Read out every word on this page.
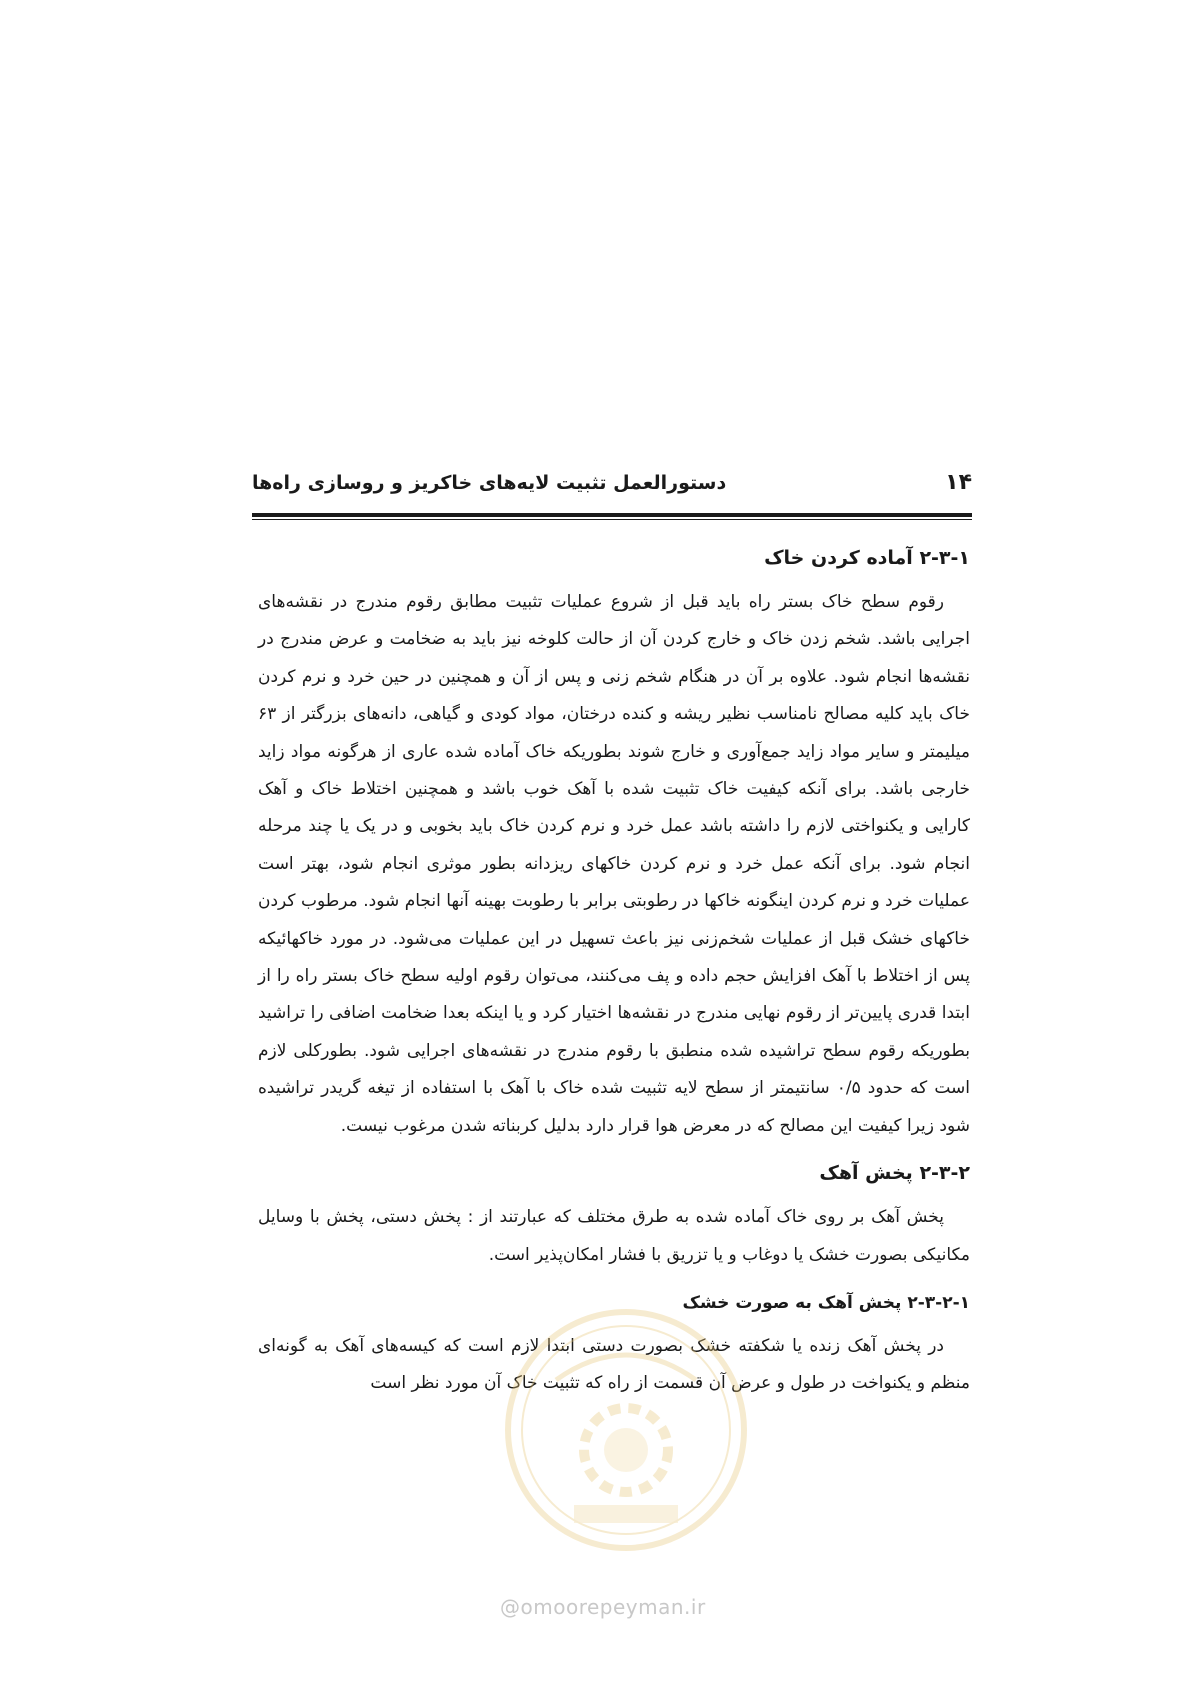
۱۴
دستورالعمل تثبیت لایه‌های خاکریز و روسازی راه‌ها
۲-۳-۱ آماده کردن خاک

رقوم سطح خاک بستر راه باید قبل از شروع عملیات تثبیت مطابق رقوم مندرج در نقشه‌های اجرایی باشد. شخم زدن خاک و خارج کردن آن از حالت کلوخه نیز باید به ضخامت و عرض مندرج در نقشه‌ها انجام شود. علاوه بر آن در هنگام شخم زنی و پس از آن و همچنین در حین خرد و نرم کردن خاک باید کلیه مصالح نامناسب نظیر ریشه و کنده درختان، مواد کودی و گیاهی، دانه‌های بزرگتر از ۶۳ میلیمتر و سایر مواد زاید جمع‌آوری و خارج شوند بطوریکه خاک آماده شده عاری از هرگونه مواد زاید خارجی باشد. برای آنکه کیفیت خاک تثبیت شده با آهک خوب باشد و همچنین اختلاط خاک و آهک کارایی و یکنواختی لازم را داشته باشد عمل خرد و نرم کردن خاک باید بخوبی و در یک یا چند مرحله انجام شود. برای آنکه عمل خرد و نرم کردن خاکهای ریزدانه بطور موثری انجام شود، بهتر است عملیات خرد و نرم کردن اینگونه خاکها در رطوبتی برابر با رطوبت بهینه آنها انجام شود. مرطوب کردن خاکهای خشک قبل از عملیات شخم‌زنی نیز باعث تسهیل در این عملیات می‌شود. در مورد خاکهائیکه پس از اختلاط با آهک افزایش حجم داده و پف می‌کنند، می‌توان رقوم اولیه سطح خاک بستر راه را از ابتدا قدری پایین‌تر از رقوم نهایی مندرج در نقشه‌ها اختیار کرد و یا اینکه بعدا ضخامت اضافی را تراشید بطوریکه رقوم سطح تراشیده شده منطبق با رقوم مندرج در نقشه‌های اجرایی شود. بطورکلی لازم است که حدود ۰/۵ سانتیمتر از سطح لایه تثبیت شده خاک با آهک با استفاده از تیغه گریدر تراشیده شود زیرا کیفیت این مصالح که در معرض هوا قرار دارد بدلیل کربناته شدن مرغوب نیست.

۲-۳-۲ پخش آهک

پخش آهک بر روی خاک آماده شده به طرق مختلف که عبارتند از : پخش دستی، پخش با وسایل مکانیکی بصورت خشک یا دوغاب و یا تزریق با فشار امکان‌پذیر است.

۲-۳-۲-۱ پخش آهک به صورت خشک

در پخش آهک زنده یا شکفته خشک بصورت دستی ابتدا لازم است که کیسه‌های آهک به گونه‌ای منظم و یکنواخت در طول و عرض آن قسمت از راه که تثبیت خاک آن مورد نظر است

@omoorepeyman.ir
